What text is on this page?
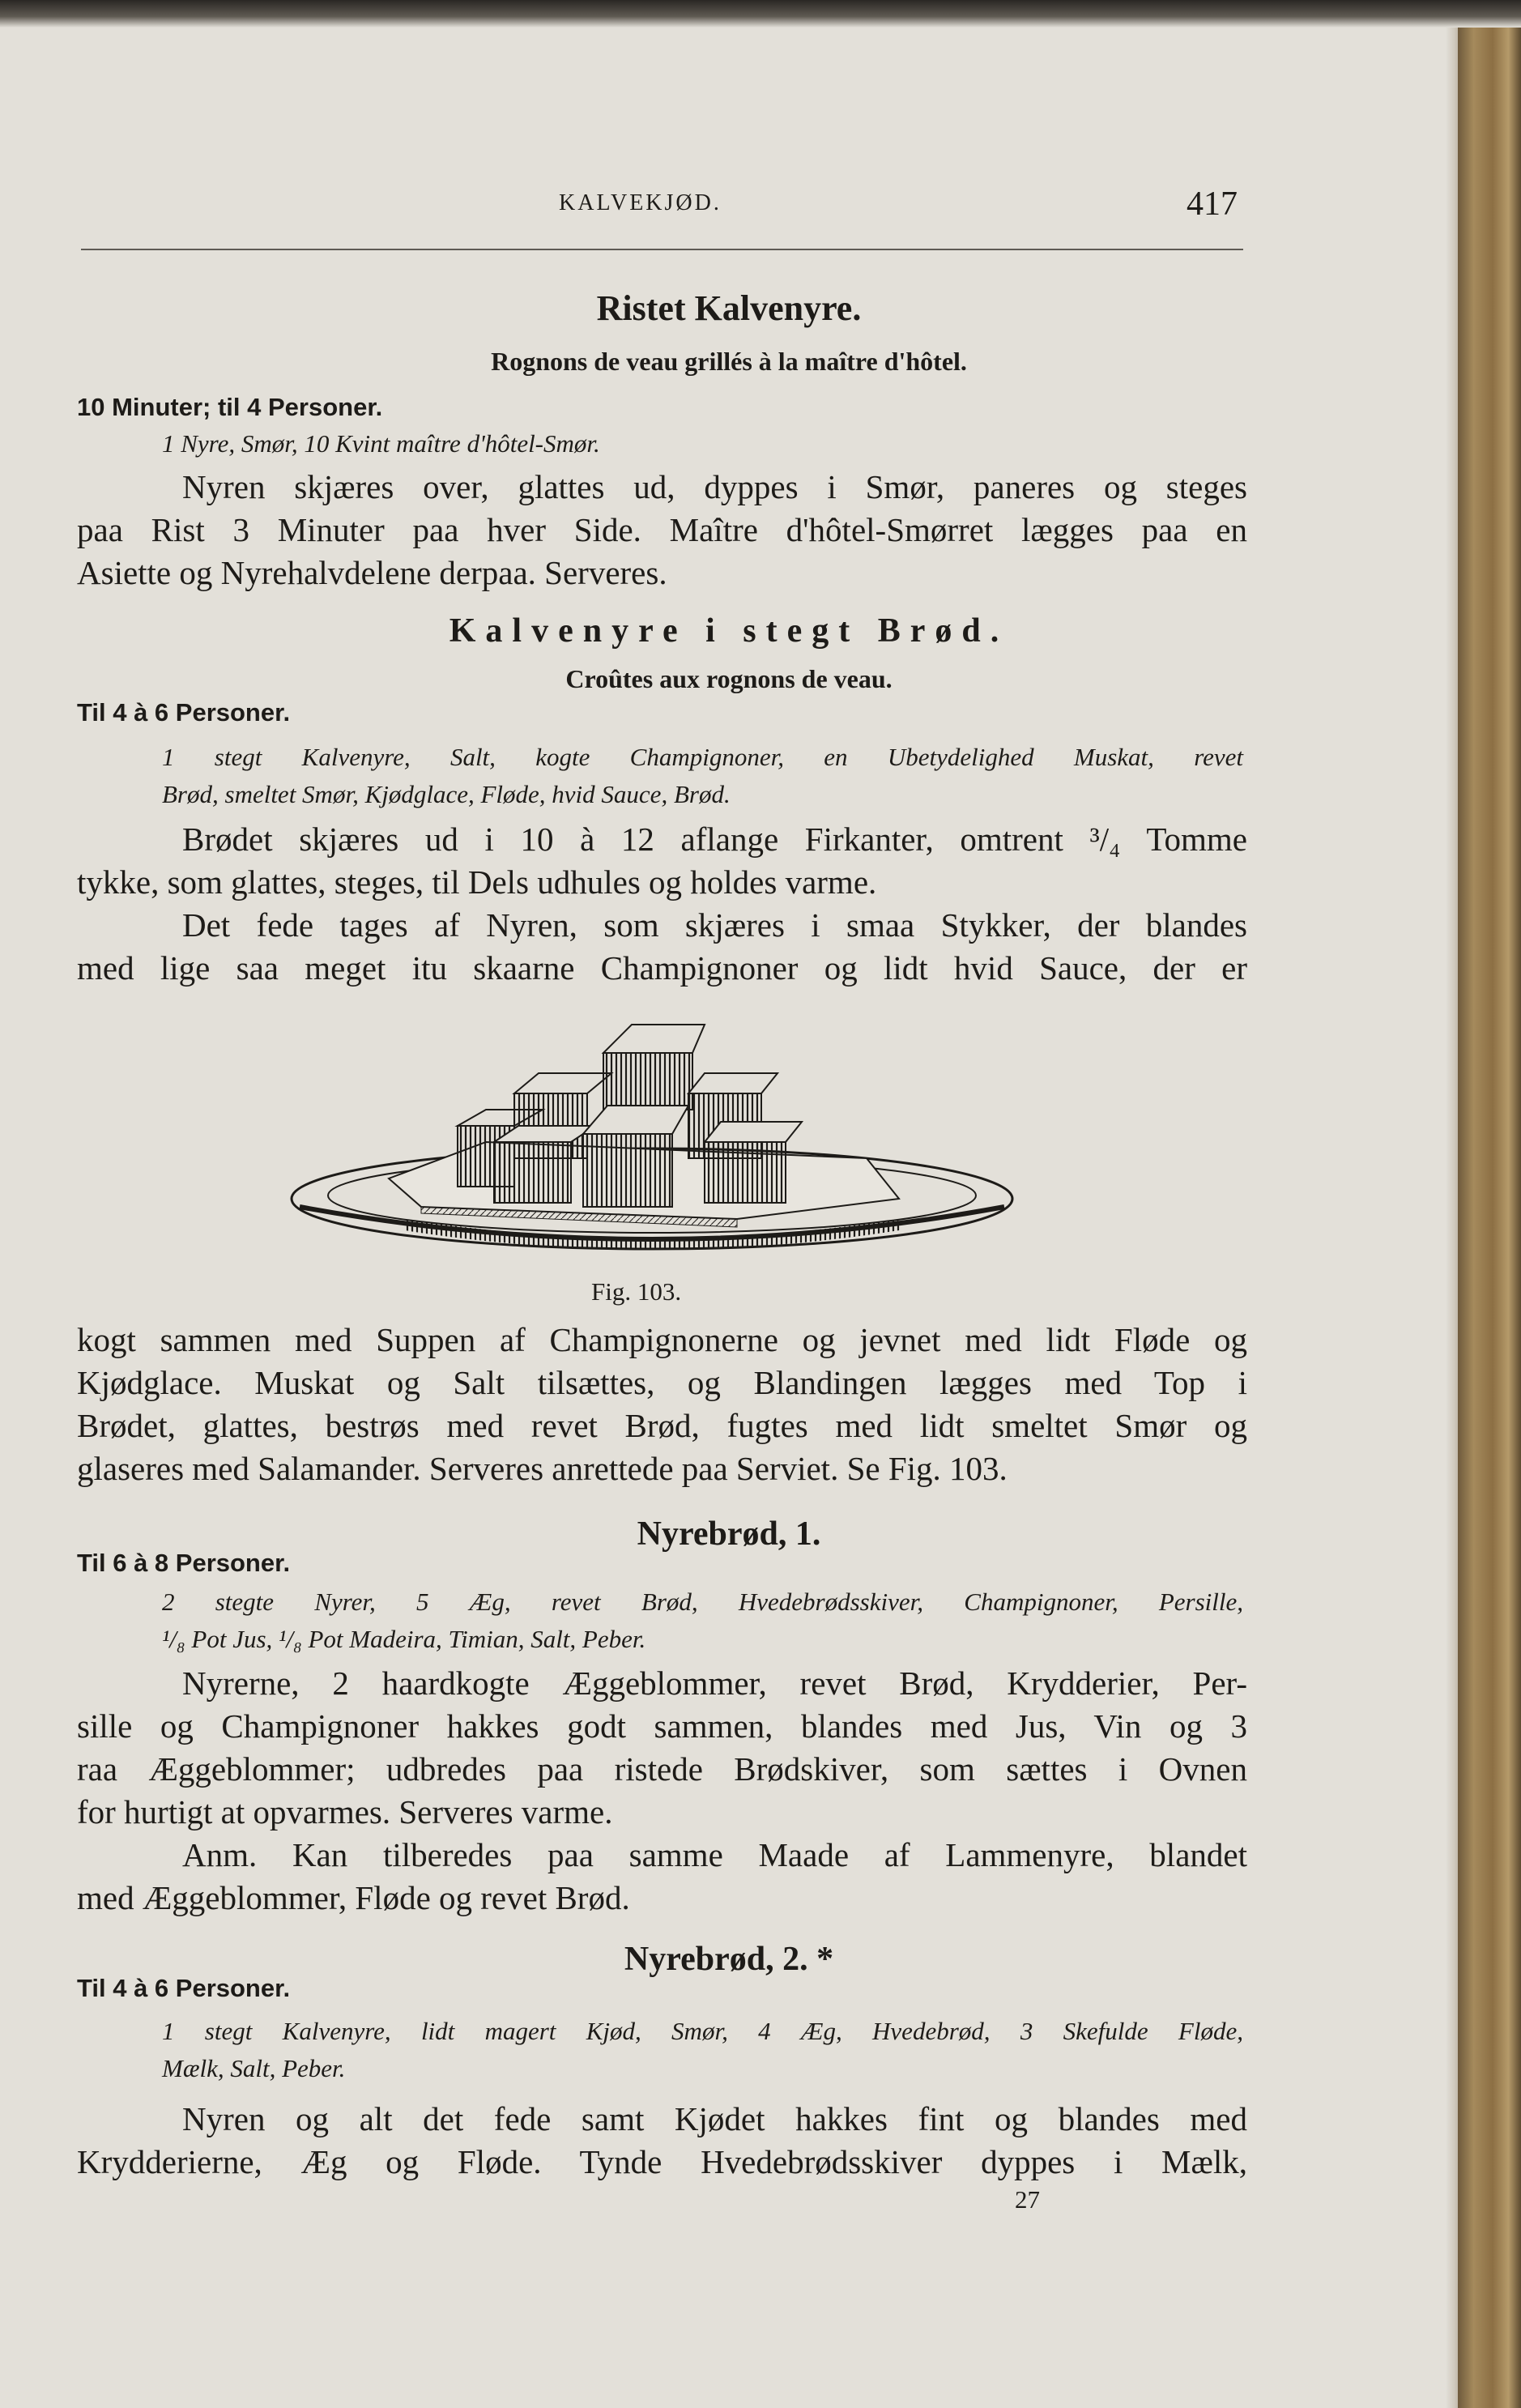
KALVEKJØD.	417
Ristet Kalvenyre.
Rognons de veau grillés à la maître d'hôtel.
10 Minuter; til 4 Personer.
1 Nyre, Smør, 10 Kvint maître d'hôtel-Smør.
Nyren skjæres over, glattes ud, dyppes i Smør, paneres og steges
paa Rist 3 Minuter paa hver Side. Maître d'hôtel-Smørret lægges paa en
Asiette og Nyrehalvdelene derpaa. Serveres.
Kalvenyre i stegt Brød.
Croûtes aux rognons de veau.
Til 4 à 6 Personer.
1 stegt Kalvenyre, Salt, kogte Champignoner, en Ubetydelighed Muskat, revet
Brød, smeltet Smør, Kjødglace, Fløde, hvid Sauce, Brød.
Brødet skjæres ud i 10 à 12 aflange Firkanter, omtrent ³/₄ Tomme
tykke, som glattes, steges, til Dels udhules og holdes varme.
Det fede tages af Nyren, som skjæres i smaa Stykker, der blandes
med lige saa meget itu skaarne Champignoner og lidt hvid Sauce, der er
Fig. 103.
kogt sammen med Suppen af Champignonerne og jevnet med lidt Fløde og
Kjødglace. Muskat og Salt tilsættes, og Blandingen lægges med Top i
Brødet, glattes, bestrøs med revet Brød, fugtes med lidt smeltet Smør og
glaseres med Salamander. Serveres anrettede paa Serviet. Se Fig. 103.
Nyrebrød, 1.
Til 6 à 8 Personer.
2 stegte Nyrer, 5 Æg, revet Brød, Hvedebrødsskiver, Champignoner, Persille,
¹/₈ Pot Jus, ¹/₈ Pot Madeira, Timian, Salt, Peber.
Nyrerne, 2 haardkogte Æggeblommer, revet Brød, Krydderier, Per-
sille og Champignoner hakkes godt sammen, blandes med Jus, Vin og 3
raa Æggeblommer; udbredes paa ristede Brødskiver, som sættes i Ovnen
for hurtigt at opvarmes. Serveres varme.
Anm. Kan tilberedes paa samme Maade af Lammenyre, blandet
med Æggeblommer, Fløde og revet Brød.
Nyrebrød, 2. *
Til 4 à 6 Personer.
1 stegt Kalvenyre, lidt magert Kjød, Smør, 4 Æg, Hvedebrød, 3 Skefulde Fløde,
Mælk, Salt, Peber.
Nyren og alt det fede samt Kjødet hakkes fint og blandes med
Krydderierne, Æg og Fløde. Tynde Hvedebrødsskiver dyppes i Mælk,
27
